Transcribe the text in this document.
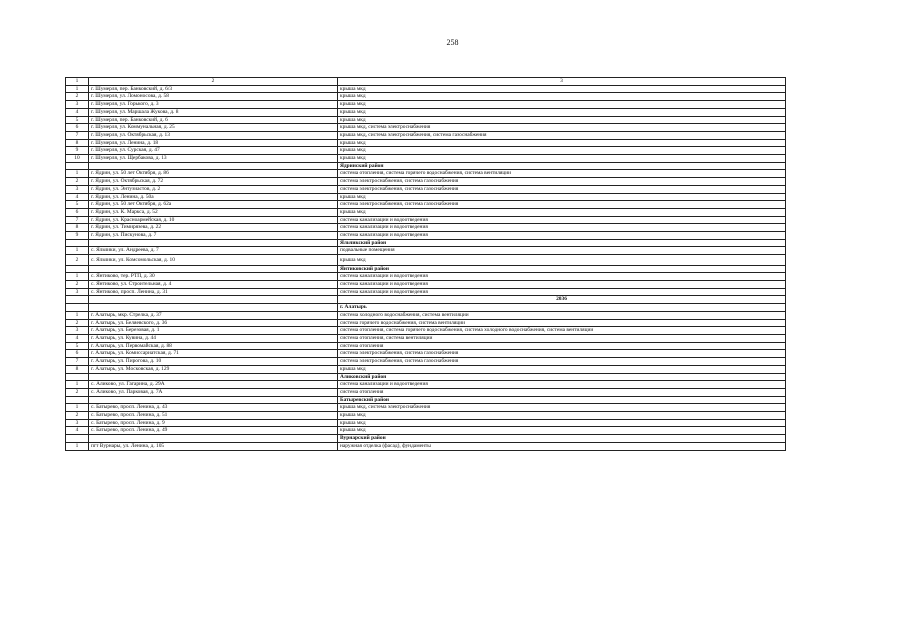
258
1	2	3
1	г. Шумерля, пер. Банковский, д. 6/3	крыша мкд
2	г. Шумерля, ул. Ломоносова, д. 58	крыша мкд
3	г. Шумерля, ул. Горького, д. 3	крыша мкд
4	г. Шумерля, ул. Маршала Жукова, д. 8	крыша мкд
5	г. Шумерля, пер. Банковский, д. 6	крыша мкд
6	г. Шумерля, ул. Коммунальная, д. 25	крыша мкд, система электроснабжения
7	г. Шумерля, ул. Октябрьская, д. 13	крыша мкд, система электроснабжения, система газоснабжения
8	г. Шумерля, ул. Ленина, д. 18	крыша мкд
9	г. Шумерля, ул. Сурская, д. 47	крыша мкд
10	г. Шумерля, ул. Щербакова, д. 13	крыша мкд
		Ядринский район
1	г. Ядрин, ул. 50 лет Октября, д. 86	система отопления, система горячего водоснабжения, система вентиляции
2	г. Ядрин, ул. Октябрьская, д. 72	система электроснабжения, система газоснабжения
3	г. Ядрин, ул. Энтузиастов, д. 2	система электроснабжения, система газоснабжения
4	г. Ядрин, ул. Ленина, д. 50а	крыша мкд
5	г. Ядрин, ул. 50 лет Октября, д. 62а	система электроснабжения, система газоснабжения
6	г. Ядрин, ул. К. Маркса, д. 52	крыша мкд
7	г. Ядрин, ул. Красноармейская, д. 10	система канализации и водоотведения
8	г. Ядрин, ул. Тимирязева, д. 22	система канализации и водоотведения
9	г. Ядрин, ул. Пискунова, д. 7	система канализации и водоотведения
		Яльчикский район
1	с. Яльчики, ул. Андреева, д. 7	подвальные помещения
2	с. Яльчики, ул. Комсомольская, д. 10	крыша мкд
		Янтиковский район
1	с. Янтиково, тер. РТП, д. 30	система канализации и водоотведения
2	с. Янтиково, ул. Строительная, д. 4	система канализации и водоотведения
3	с. Янтиково, просп. Ленина, д. 31	система канализации и водоотведения
		2036
		г. Алатырь
1	г. Алатырь, мкр. Стрелка, д. 37	система холодного водоснабжения, система вентиляции
2	г. Алатырь, ул. Беляевского, д. 36	система горячего водоснабжения, система вентиляции
3	г. Алатырь, ул. Березовая, д. 1	система отопления, система горячего водоснабжения, система холодного водоснабжения, система вентиляции
4	г. Алатырь, ул. Кувина, д. 44	система отопления, система вентиляции
5	г. Алатырь, ул. Первомайская, д. 88	система отопления
6	г. Алатырь, ул. Комиссариатская, д. 71	система электроснабжения, система газоснабжения
7	г. Алатырь, ул. Пирогова, д. 10	система электроснабжения, система газоснабжения
8	г. Алатырь, ул. Московская, д. 129	крыша мкд
		Аликовский район
1	с. Аликово, ул. Гагарина, д. 29А	система канализации и водоотведения
2	с. Аликово, ул. Парковая, д. 7А	система отопления
		Батыревский район
1	с. Батырево, просп. Ленина, д. 43	крыша мкд, система электроснабжения
2	с. Батырево, просп. Ленина, д. 51	крыша мкд
3	с. Батырево, просп. Ленина, д. 9	крыша мкд
4	с. Батырево, просп. Ленина, д. 49	крыша мкд
		Вурнарский район
1	пгт Вурнары, ул. Ленина, д. 105	наружная отделка (фасад), фундаменты
